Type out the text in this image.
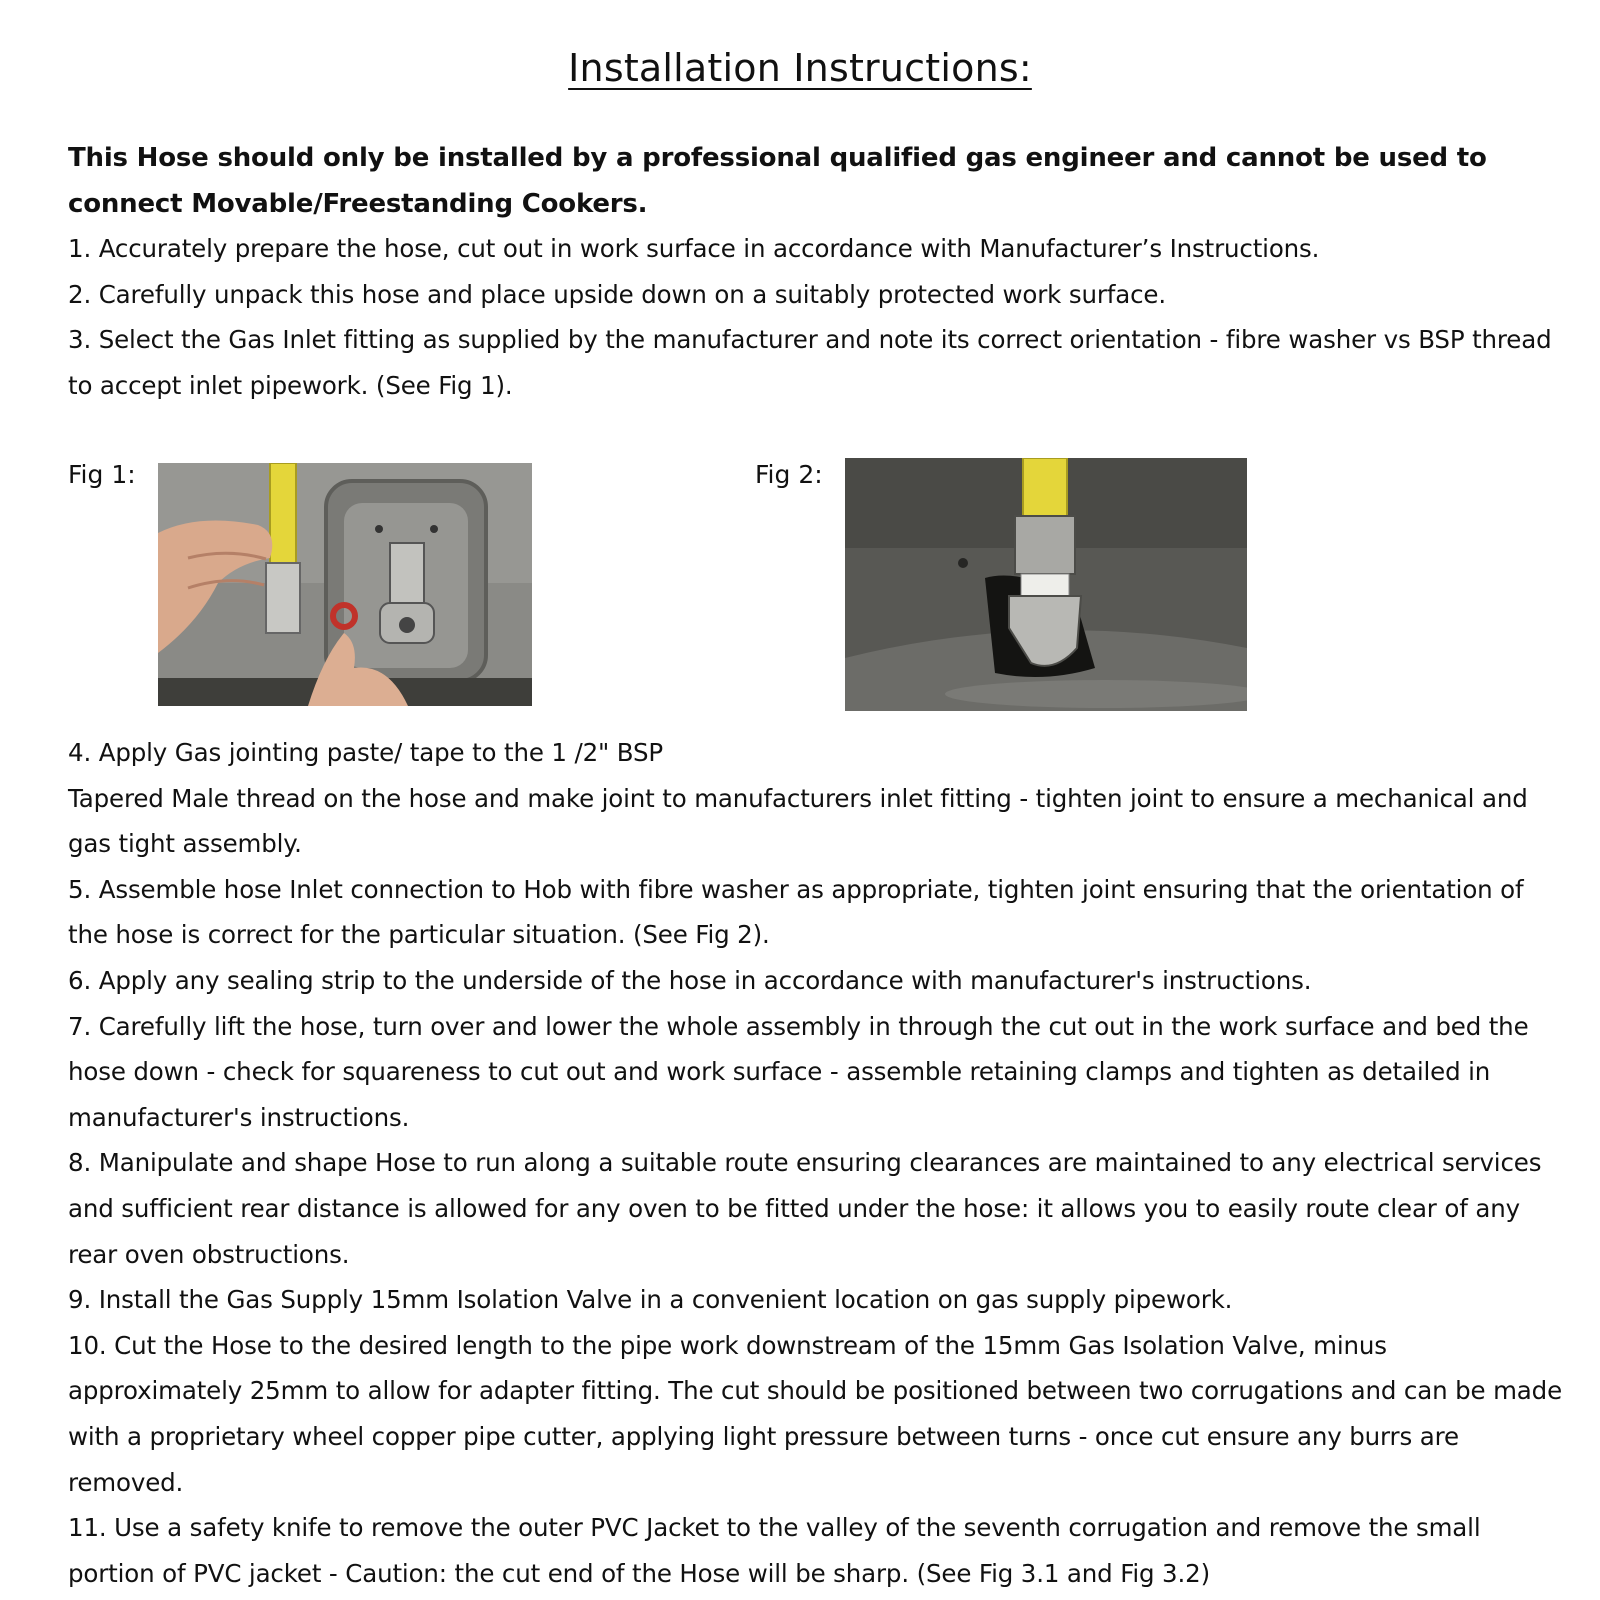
Installation Instructions:
This Hose should only be installed by a professional qualified gas engineer and cannot be used to connect Movable/Freestanding Cookers.
1. Accurately prepare the hose, cut out in work surface in accordance with Manufacturer’s Instructions.
2. Carefully unpack this hose and place upside down on a suitably protected work surface.
3. Select the Gas Inlet fitting as supplied by the manufacturer and note its correct orientation - fibre washer vs BSP thread to accept inlet pipework. (See Fig 1).
Fig 1:	Fig 2:
4. Apply Gas jointing paste/ tape to the 1 /2" BSP
Tapered Male thread on the hose and make joint to manufacturers inlet fitting - tighten joint to ensure a mechanical and gas tight assembly.
5. Assemble hose Inlet connection to Hob with fibre washer as appropriate, tighten joint ensuring that the orientation of the hose is correct for the particular situation. (See Fig 2).
6. Apply any sealing strip to the underside of the hose in accordance with manufacturer's instructions.
7. Carefully lift the hose, turn over and lower the whole assembly in through the cut out in the work surface and bed the hose down - check for squareness to cut out and work surface - assemble retaining clamps and tighten as detailed in manufacturer's instructions.
8. Manipulate and shape Hose to run along a suitable route ensuring clearances are maintained to any electrical services and sufficient rear distance is allowed for any oven to be fitted under the hose: it allows you to easily route clear of any rear oven obstructions.
9. Install the Gas Supply 15mm Isolation Valve in a convenient location on gas supply pipework.
10. Cut the Hose to the desired length to the pipe work downstream of the 15mm Gas Isolation Valve, minus approximately 25mm to allow for adapter fitting. The cut should be positioned between two corrugations and can be made with a proprietary wheel copper pipe cutter, applying light pressure between turns - once cut ensure any burrs are removed.
11. Use a safety knife to remove the outer PVC Jacket to the valley of the seventh corrugation and remove the small portion of PVC jacket - Caution: the cut end of the Hose will be sharp. (See Fig 3.1 and Fig 3.2)
